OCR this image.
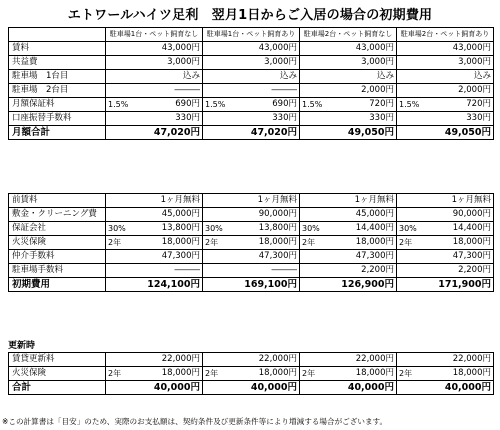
エトワールハイツ足利　翌月1日からご入居の場合の初期費用
	駐車場1台・ペット飼育なし		駐車場1台・ペット飼育あり		駐車場2台・ペット飼育なし		駐車場2台・ペット飼育あり	
賃料		43,000円		43,000円		43,000円		43,000円
共益費		3,000円		3,000円		3,000円		3,000円
駐車場　1台目		込み		込み		込み		込み
駐車場　2台目		―――		―――		2,000円		2,000円
月額保証料	1.5%	690円	1.5%	690円	1.5%	720円	1.5%	720円
口座振替手数料		330円		330円		330円		330円
月額合計	47,020円		47,020円		49,050円		49,050円	
前賃料		1ヶ月無料		1ヶ月無料		1ヶ月無料		1ヶ月無料
敷金・クリーニング費		45,000円		90,000円		45,000円		90,000円
保証会社	30%	13,800円	30%	13,800円	30%	14,400円	30%	14,400円
火災保険	2年	18,000円	2年	18,000円	2年	18,000円	2年	18,000円
仲介手数料		47,300円		47,300円		47,300円		47,300円
駐車場手数料		―――		―――		2,200円		2,200円
初期費用	124,100円		169,100円		126,900円		171,900円	
更新時
賃貸更新料		22,000円		22,000円		22,000円		22,000円
火災保険	2年	18,000円	2年	18,000円	2年	18,000円	2年	18,000円
合計	40,000円		40,000円		40,000円		40,000円	
※この計算書は「目安」のため、実際のお支払額は、契約条件及び更新条件等により増減する場合がございます。
